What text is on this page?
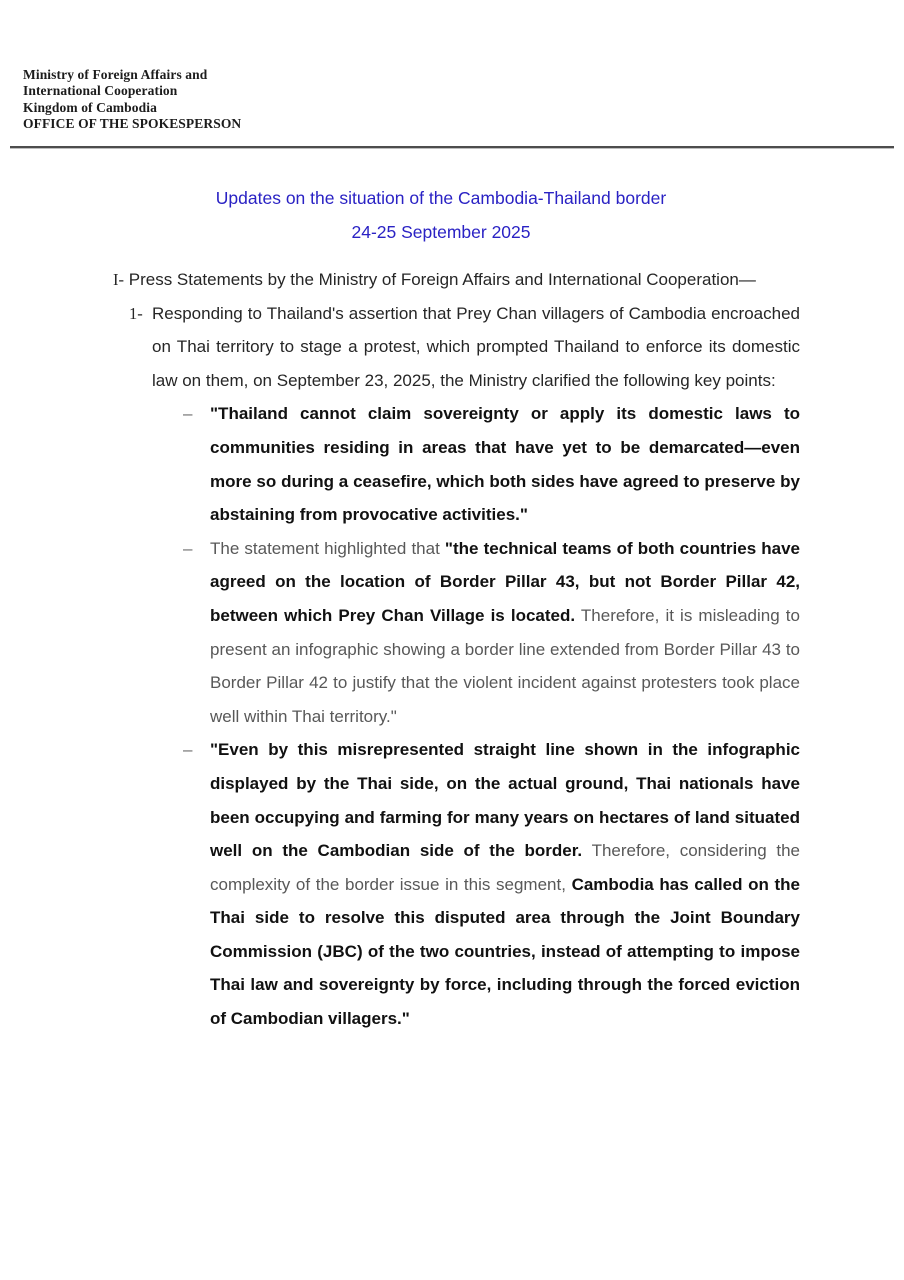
Ministry of Foreign Affairs and
International Cooperation
Kingdom of Cambodia
OFFICE OF THE SPOKESPERSON
Updates on the situation of the Cambodia-Thailand border
24-25 September 2025
I- Press Statements by the Ministry of Foreign Affairs and International Cooperation—
1- Responding to Thailand's assertion that Prey Chan villagers of Cambodia encroached on Thai territory to stage a protest, which prompted Thailand to enforce its domestic law on them, on September 23, 2025, the Ministry clarified the following key points:
– "Thailand cannot claim sovereignty or apply its domestic laws to communities residing in areas that have yet to be demarcated—even more so during a ceasefire, which both sides have agreed to preserve by abstaining from provocative activities."
– The statement highlighted that "the technical teams of both countries have agreed on the location of Border Pillar 43, but not Border Pillar 42, between which Prey Chan Village is located. Therefore, it is misleading to present an infographic showing a border line extended from Border Pillar 43 to Border Pillar 42 to justify that the violent incident against protesters took place well within Thai territory."
– "Even by this misrepresented straight line shown in the infographic displayed by the Thai side, on the actual ground, Thai nationals have been occupying and farming for many years on hectares of land situated well on the Cambodian side of the border. Therefore, considering the complexity of the border issue in this segment, Cambodia has called on the Thai side to resolve this disputed area through the Joint Boundary Commission (JBC) of the two countries, instead of attempting to impose Thai law and sovereignty by force, including through the forced eviction of Cambodian villagers."
